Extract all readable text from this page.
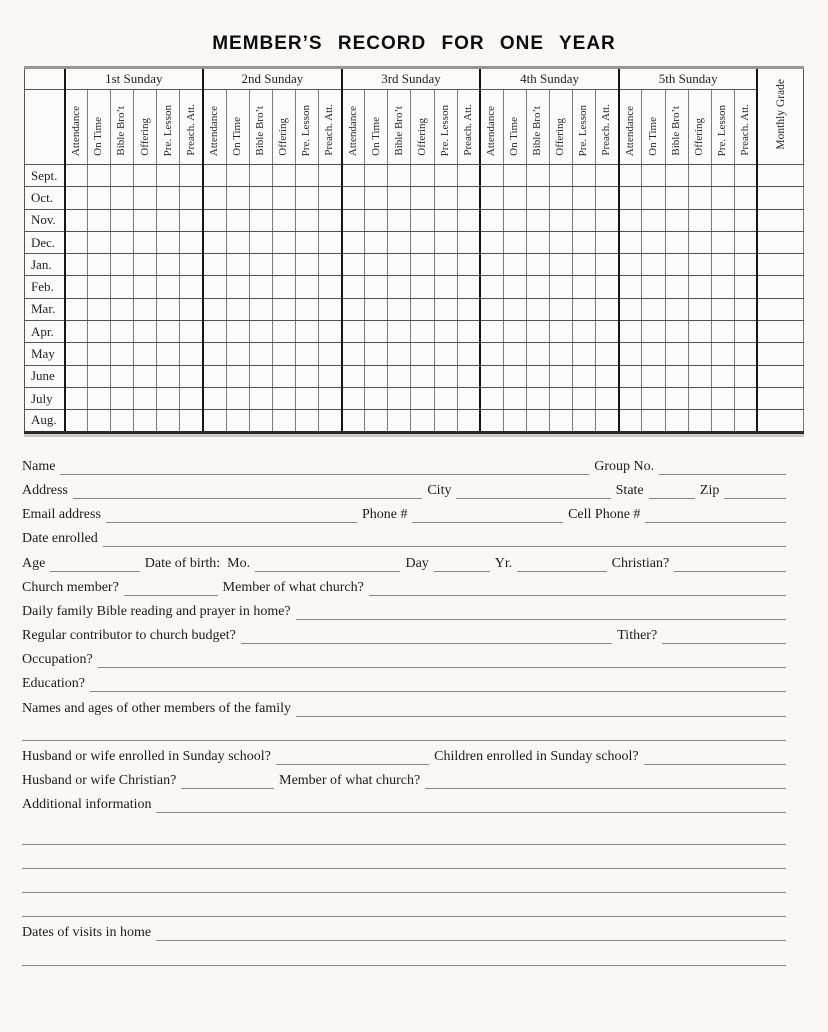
MEMBER’S RECORD FOR ONE YEAR
	1st Sunday						2nd Sunday						3rd Sunday						4th Sunday						5th Sunday						Monthly Grade
	Attendance	On Time	Bible Bro’t	Offering	Pre. Lesson	Preach. Att.	Attendance	On Time	Bible Bro’t	Offering	Pre. Lesson	Preach. Att.	Attendance	On Time	Bible Bro’t	Offering	Pre. Lesson	Preach. Att.	Attendance	On Time	Bible Bro’t	Offering	Pre. Lesson	Preach. Att.	Attendance	On Time	Bible Bro’t	Offering	Pre. Lesson	Preach. Att.	
Sept.																															
Oct.																															
Nov.																															
Dec.																															
Jan.																															
Feb.																															
Mar.																															
Apr.																															
May																															
June																															
July																															
Aug.																															
Name	Group No.
Address	City	State	Zip
Email address	Phone #	Cell Phone #
Date enrolled
Age	Date of birth:  Mo.	Day	Yr.	Christian?
Church member?	Member of what church?
Daily family Bible reading and prayer in home?
Regular contributor to church budget?	Tither?
Occupation?
Education?
Names and ages of other members of the family
Husband or wife enrolled in Sunday school?	Children enrolled in Sunday school?
Husband or wife Christian?	Member of what church?
Additional information
Dates of visits in home
